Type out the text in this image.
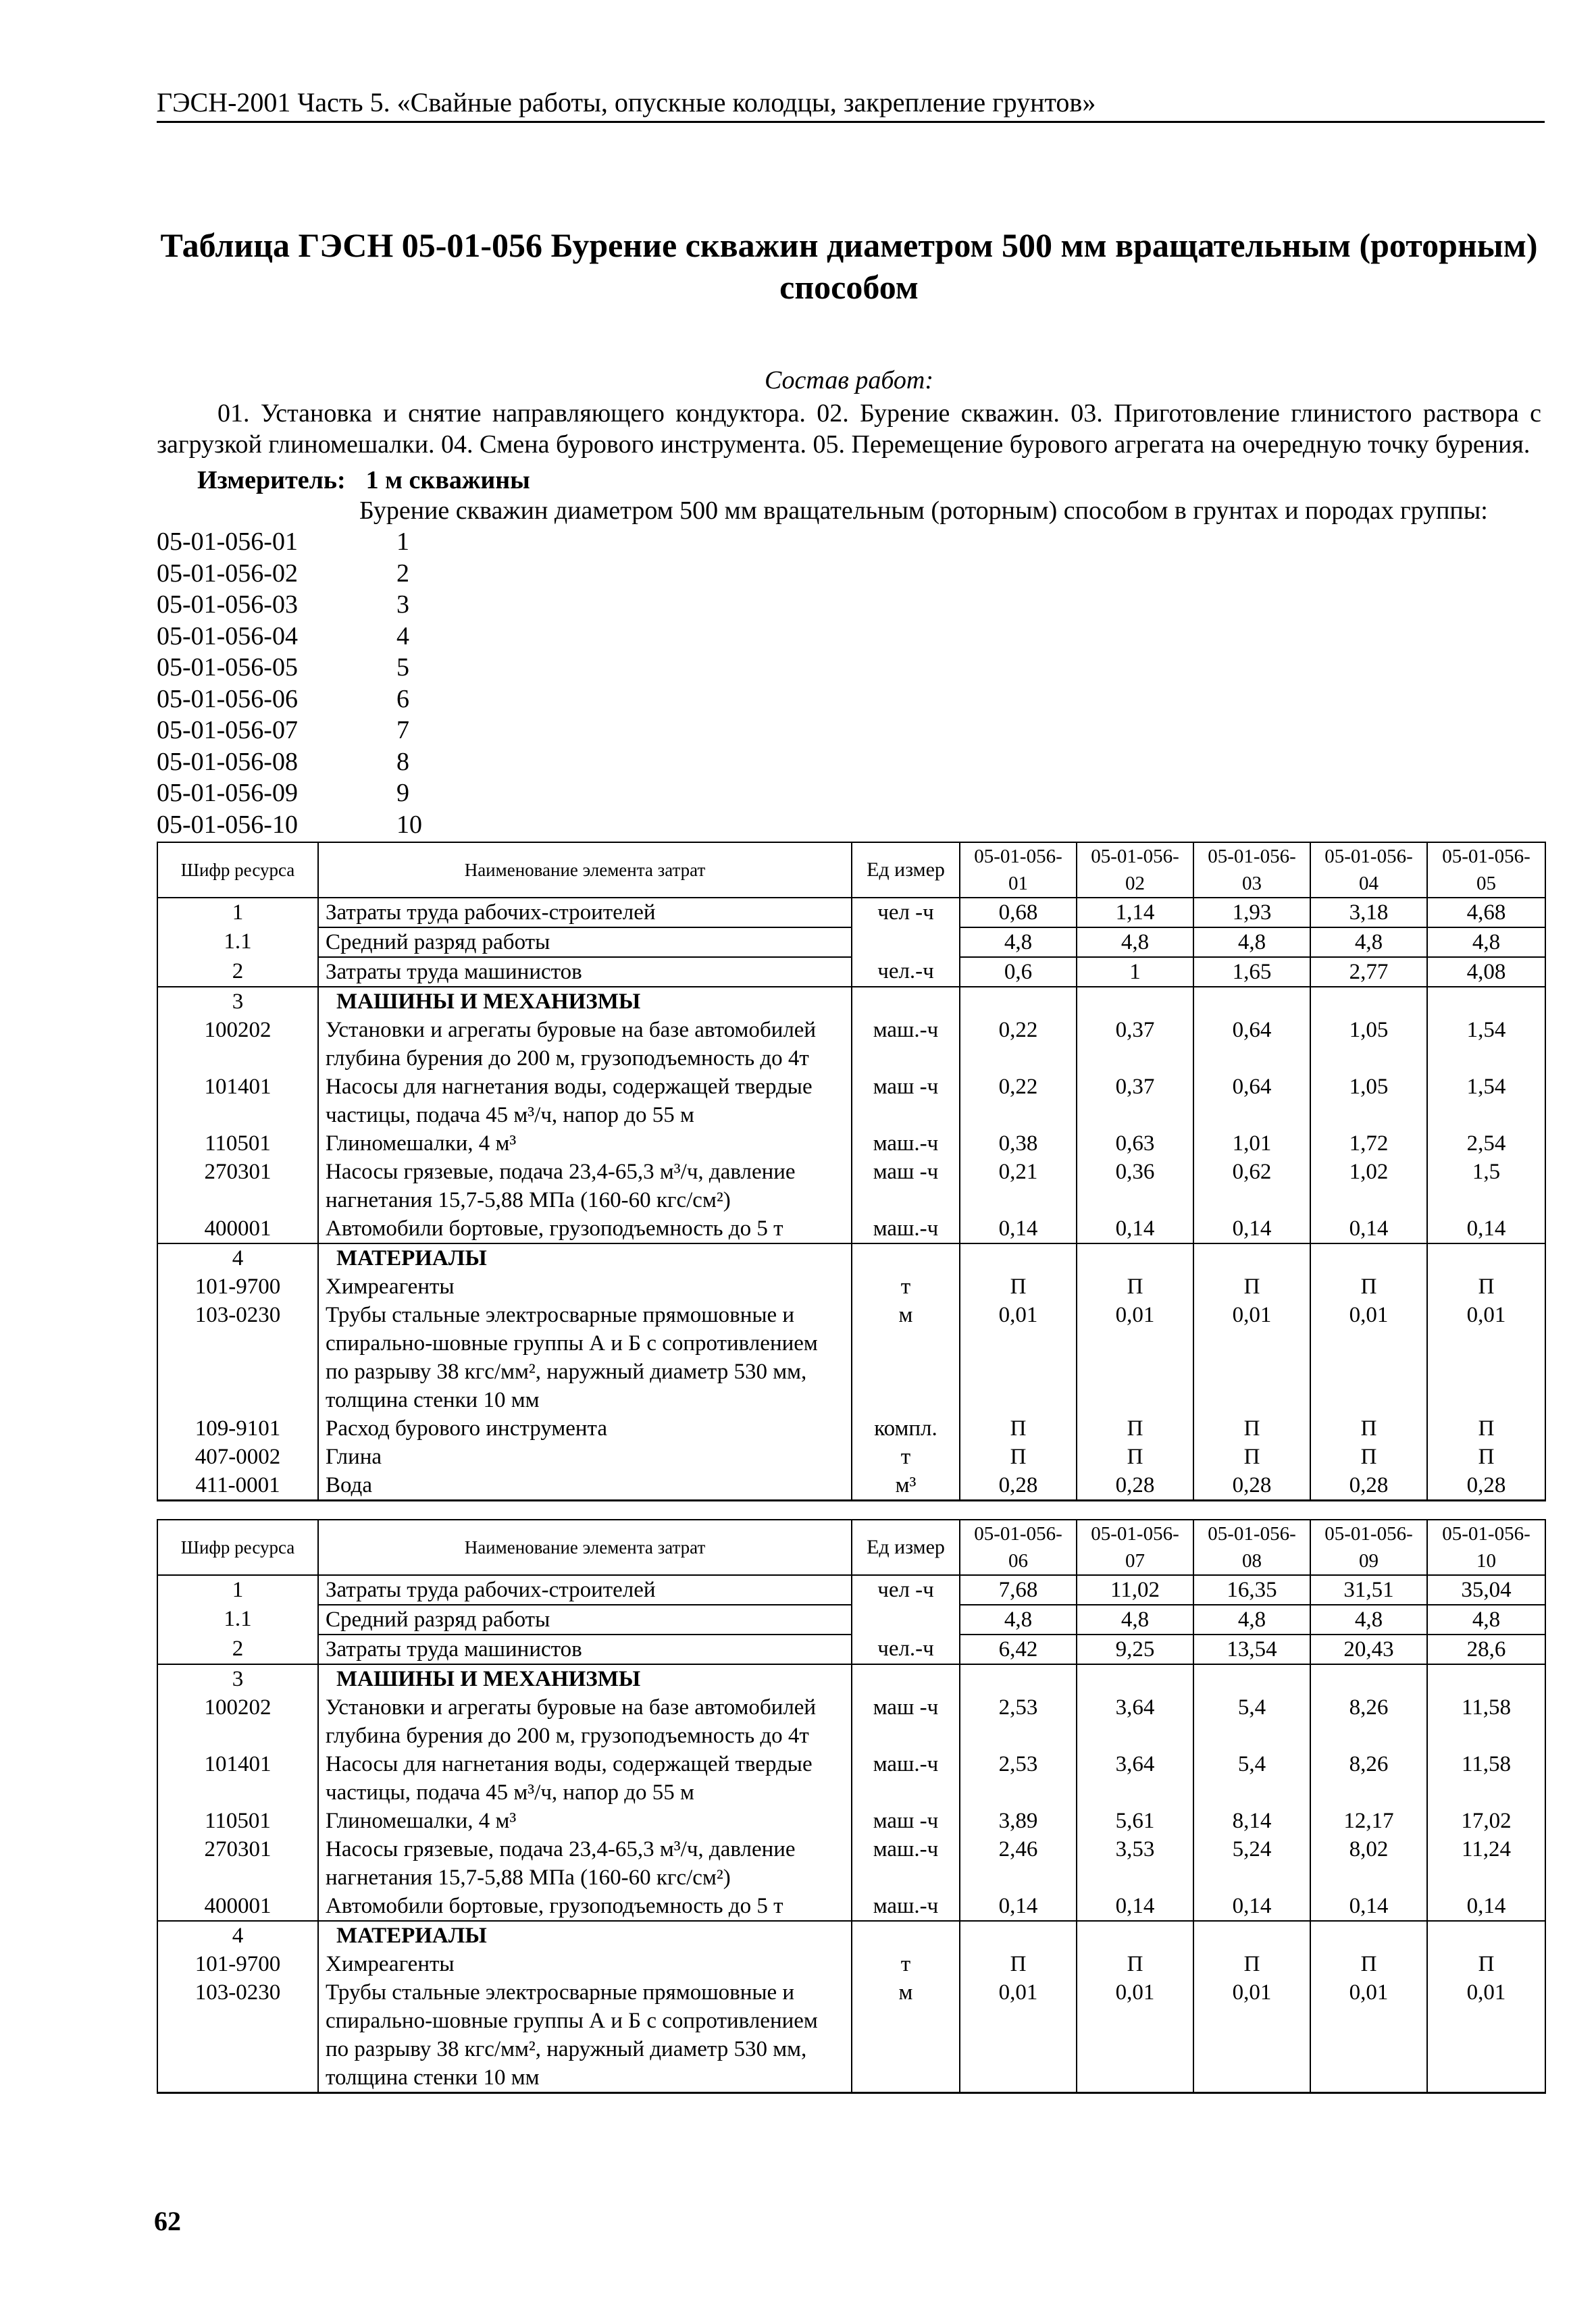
ГЭСН-2001 Часть 5. «Свайные работы, опускные колодцы, закрепление грунтов»
Таблица ГЭСН 05-01-056 Бурение скважин диаметром 500 мм вращательным (роторным)
способом
Состав работ:
01. Установка и снятие направляющего кондуктора. 02. Бурение скважин. 03. Приготовление глинистого раствора с загрузкой глиномешалки. 04. Смена бурового инструмента. 05. Перемещение бурового агрегата на очередную точку бурения.
Измеритель: 1 м скважины
Бурение скважин диаметром 500 мм вращательным (роторным) способом в грунтах и породах группы:
05-01-056-01	1
05-01-056-02	2
05-01-056-03	3
05-01-056-04	4
05-01-056-05	5
05-01-056-06	6
05-01-056-07	7
05-01-056-08	8
05-01-056-09	9
05-01-056-10	10
Шифр ресурса	Наименование элемента затрат	Ед измер	05-01-056-01	05-01-056-02	05-01-056-03	05-01-056-04	05-01-056-05
1	Затраты труда рабочих-строителей	чел -ч	0,68	1,14	1,93	3,18	4,68
1.1	Средний разряд работы		4,8	4,8	4,8	4,8	4,8
2	Затраты труда машинистов	чел.-ч	0,6	1	1,65	2,77	4,08
3	МАШИНЫ И МЕХАНИЗМЫ						
100202	Установки и агрегаты буровые на базе автомобилей глубина бурения до 200 м, грузоподъемность до 4т	маш.-ч	0,22	0,37	0,64	1,05	1,54
101401	Насосы для нагнетания воды, содержащей твердые частицы, подача 45 м³/ч, напор до 55 м	маш -ч	0,22	0,37	0,64	1,05	1,54
110501	Глиномешалки, 4 м³	маш.-ч	0,38	0,63	1,01	1,72	2,54
270301	Насосы грязевые, подача 23,4-65,3 м³/ч, давление нагнетания 15,7-5,88 МПа (160-60 кгс/см²)	маш -ч	0,21	0,36	0,62	1,02	1,5
400001	Автомобили бортовые, грузоподъемность до 5 т	маш.-ч	0,14	0,14	0,14	0,14	0,14
4	МАТЕРИАЛЫ						
101-9700	Химреагенты	т	П	П	П	П	П
103-0230	Трубы стальные электросварные прямошовные и спирально-шовные группы А и Б с сопротивлением по разрыву 38 кгс/мм², наружный диаметр 530 мм, толщина стенки 10 мм	м	0,01	0,01	0,01	0,01	0,01
109-9101	Расход бурового инструмента	компл.	П	П	П	П	П
407-0002	Глина	т	П	П	П	П	П
411-0001	Вода	м³	0,28	0,28	0,28	0,28	0,28
Шифр ресурса	Наименование элемента затрат	Ед измер	05-01-056-06	05-01-056-07	05-01-056-08	05-01-056-09	05-01-056-10
1	Затраты труда рабочих-строителей	чел -ч	7,68	11,02	16,35	31,51	35,04
1.1	Средний разряд работы		4,8	4,8	4,8	4,8	4,8
2	Затраты труда машинистов	чел.-ч	6,42	9,25	13,54	20,43	28,6
3	МАШИНЫ И МЕХАНИЗМЫ						
100202	Установки и агрегаты буровые на базе автомобилей глубина бурения до 200 м, грузоподъемность до 4т	маш -ч	2,53	3,64	5,4	8,26	11,58
101401	Насосы для нагнетания воды, содержащей твердые частицы, подача 45 м³/ч, напор до 55 м	маш.-ч	2,53	3,64	5,4	8,26	11,58
110501	Глиномешалки, 4 м³	маш -ч	3,89	5,61	8,14	12,17	17,02
270301	Насосы грязевые, подача 23,4-65,3 м³/ч, давление нагнетания 15,7-5,88 МПа (160-60 кгс/см²)	маш.-ч	2,46	3,53	5,24	8,02	11,24
400001	Автомобили бортовые, грузоподъемность до 5 т	маш.-ч	0,14	0,14	0,14	0,14	0,14
4	МАТЕРИАЛЫ						
101-9700	Химреагенты	т	П	П	П	П	П
103-0230	Трубы стальные электросварные прямошовные и спирально-шовные группы А и Б с сопротивлением по разрыву 38 кгс/мм², наружный диаметр 530 мм, толщина стенки 10 мм	м	0,01	0,01	0,01	0,01	0,01
62
